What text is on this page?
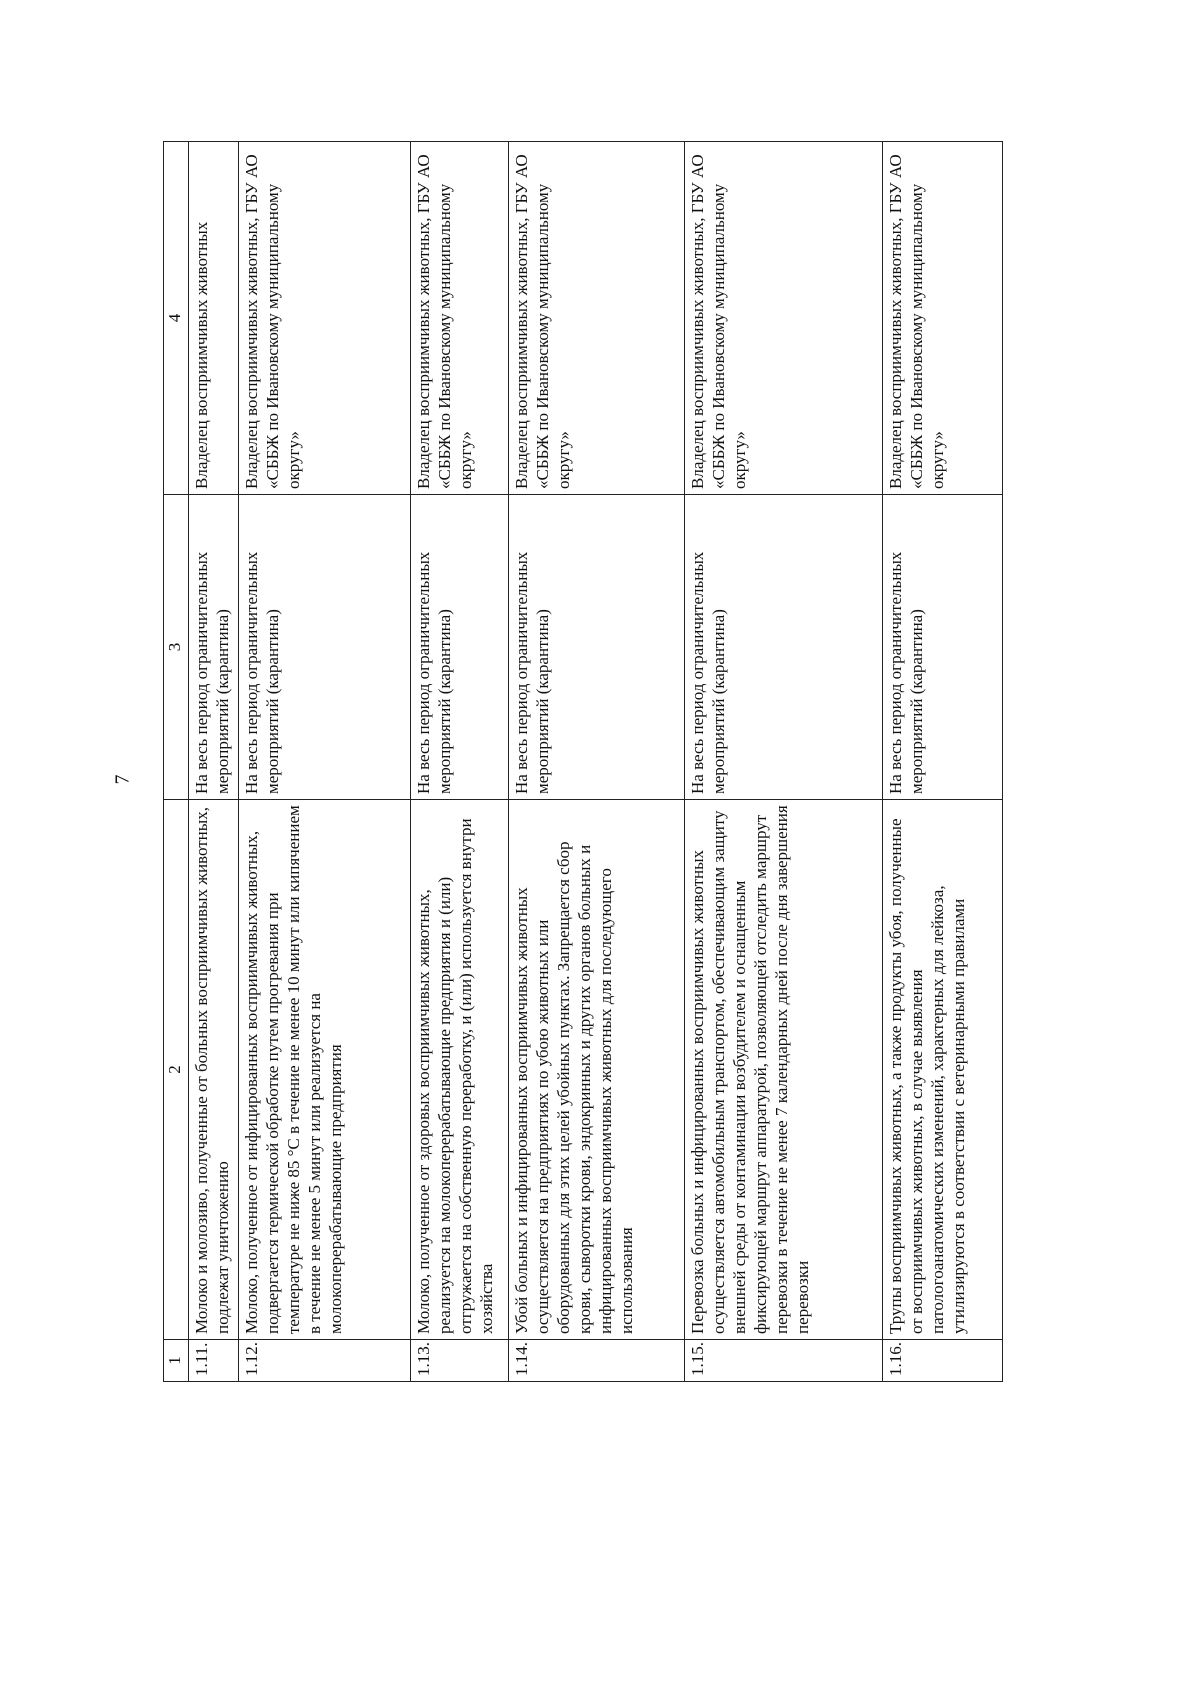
7
1	2	3	4
1.11.	Молоко и молозиво, полученные от больных восприимчивых животных, подлежат уничтожению	На весь период ограничительных мероприятий (карантина)	Владелец восприимчивых животных
1.12.	Молоко, полученное от инфицированных восприимчивых животных, подвергается термической обработке путем прогревания при температуре не ниже 85 °С в течение не менее 10 минут или кипячением в течение не менее 5 минут или реализуется на молокоперерабатывающие предприятия	На весь период ограничительных мероприятий (карантина)	Владелец восприимчивых животных, ГБУ АО «СББЖ по Ивановскому муниципальному округу»
1.13.	Молоко, полученное от здоровых восприимчивых животных, реализуется на молокоперерабатывающие предприятия и (или) отгружается на собственную переработку, и (или) используется внутри хозяйства	На весь период ограничительных мероприятий (карантина)	Владелец восприимчивых животных, ГБУ АО «СББЖ по Ивановскому муниципальному округу»
1.14.	Убой больных и инфицированных восприимчивых животных осуществляется на предприятиях по убою животных или оборудованных для этих целей убойных пунктах. Запрещается сбор крови, сыворотки крови, эндокринных и других органов больных и инфицированных восприимчивых животных для последующего использования	На весь период ограничительных мероприятий (карантина)	Владелец восприимчивых животных, ГБУ АО «СББЖ по Ивановскому муниципальному округу»
1.15.	Перевозка больных и инфицированных восприимчивых животных осуществляется автомобильным транспортом, обеспечивающим защиту внешней среды от контаминации возбудителем и оснащенным фиксирующей маршрут аппаратурой, позволяющей отследить маршрут перевозки в течение не менее 7 календарных дней после дня завершения перевозки	На весь период ограничительных мероприятий (карантина)	Владелец восприимчивых животных, ГБУ АО «СББЖ по Ивановскому муниципальному округу»
1.16.	Трупы восприимчивых животных, а также продукты убоя, полученные от восприимчивых животных, в случае выявления патологоанатомических изменений, характерных для лейкоза, утилизируются в соответствии с ветеринарными правилами	На весь период ограничительных мероприятий (карантина)	Владелец восприимчивых животных, ГБУ АО «СББЖ по Ивановскому муниципальному округу»
